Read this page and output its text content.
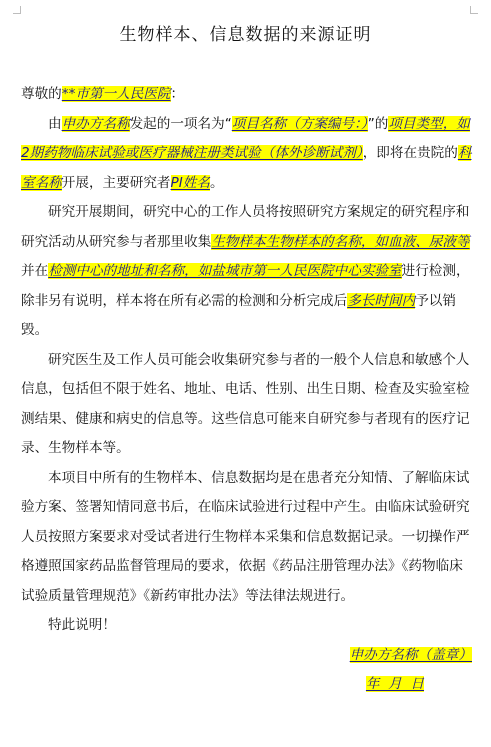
生物样本、信息数据的来源证明

尊敬的**市第一人民医院：

由申办方名称发起的一项名为“项目名称（方案编号：）”的项目类型，如2期药物临床试验或医疗器械注册类试验（体外诊断试剂），即将在贵院的科室名称开展，主要研究者PI姓名。

研究开展期间，研究中心的工作人员将按照研究方案规定的研究程序和研究活动从研究参与者那里收集生物样本生物样本的名称，如血液、尿液等并在检测中心的地址和名称，如盐城市第一人民医院中心实验室进行检测，除非另有说明，样本将在所有必需的检测和分析完成后多长时间内予以销毁。

研究医生及工作人员可能会收集研究参与者的一般个人信息和敏感个人信息，包括但不限于姓名、地址、电话、性别、出生日期、检查及实验室检测结果、健康和病史的信息等。这些信息可能来自研究参与者现有的医疗记录、生物样本等。

本项目中所有的生物样本、信息数据均是在患者充分知情、了解临床试验方案、签署知情同意书后，在临床试验进行过程中产生。由临床试验研究人员按照方案要求对受试者进行生物样本采集和信息数据记录。一切操作严格遵照国家药品监督管理局的要求，依据《药品注册管理办法》《药物临床试验质量管理规范》《新药审批办法》等法律法规进行。

特此说明！

申办方名称（盖章）

年  月  日
